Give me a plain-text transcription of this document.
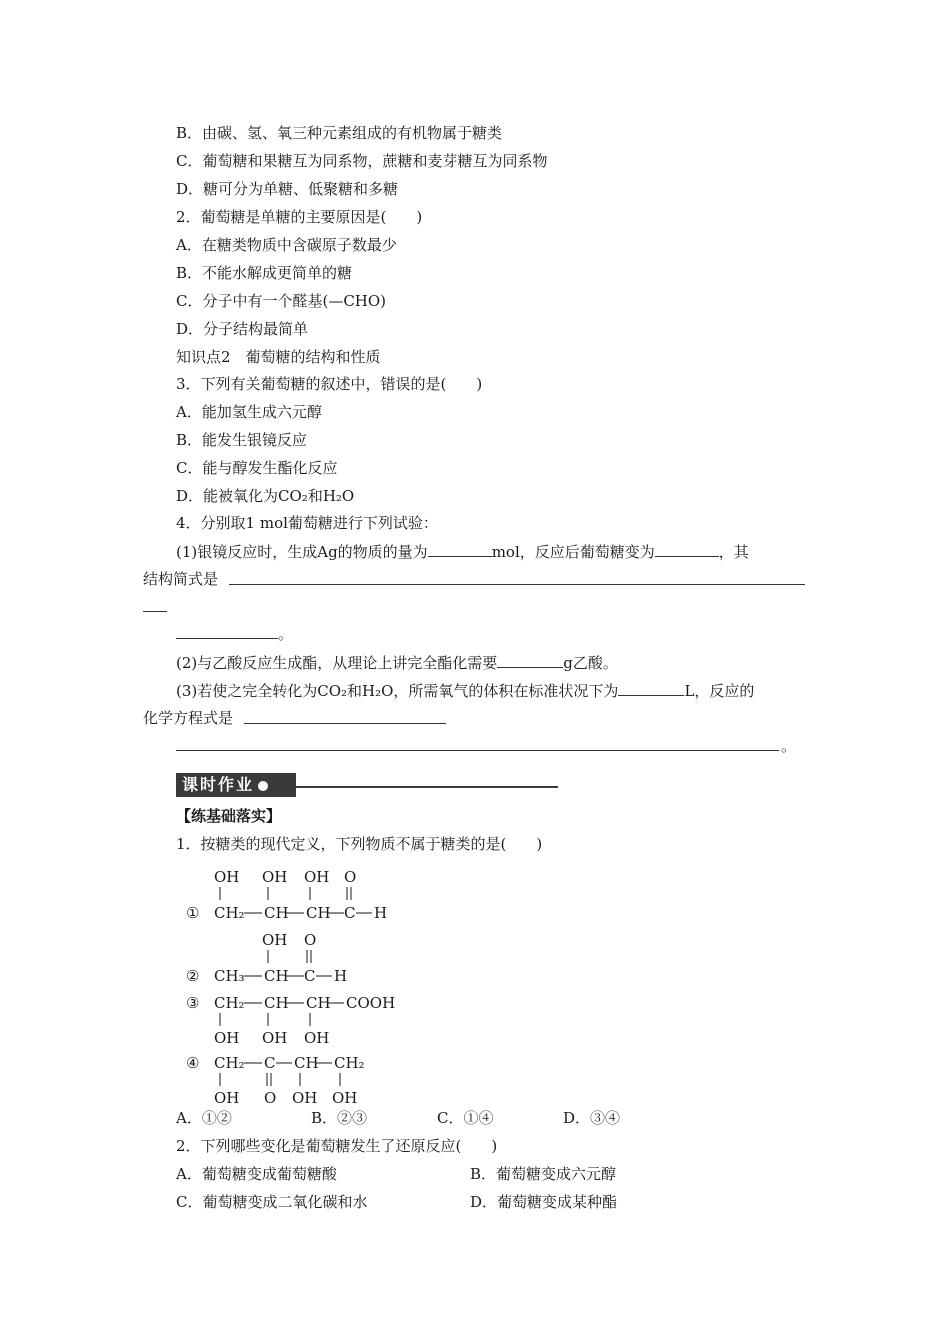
B．由碳、氢、氧三种元素组成的有机物属于糖类
C．葡萄糖和果糖互为同系物，蔗糖和麦芽糖互为同系物
D．糖可分为单糖、低聚糖和多糖
2．葡萄糖是单糖的主要原因是(　　)
A．在糖类物质中含碳原子数最少
B．不能水解成更简单的糖
C．分子中有一个醛基(—CHO)
D．分子结构最简单
知识点2　葡萄糖的结构和性质
3．下列有关葡萄糖的叙述中，错误的是(　　)
A．能加氢生成六元醇
B．能发生银镜反应
C．能与醇发生酯化反应
D．能被氧化为CO₂和H₂O
4．分别取1 mol葡萄糖进行下列试验：
(1)银镜反应时，生成Ag的物质的量为	mol，反应后葡萄糖变为	，其
结构简式是
。
(2)与乙酸反应生成酯，从理论上讲完全酯化需要	g乙酸。
(3)若使之完全转化为CO₂和H₂O，所需氧气的体积在标准状况下为	L，反应的
化学方程式是
。
课时作业
【练基础落实】
1．按糖类的现代定义，下列物质不属于糖类的是(　　)
OH OH OH O
① CH₂ CH CH C H
OH O
② CH₃ CH C H
③ CH₂ CH CH COOH
OH OH OH
④ CH₂ C CH CH₂
OH O OH OH
A．①②	B．②③	C．①④	D．③④
2．下列哪些变化是葡萄糖发生了还原反应(　　)
A．葡萄糖变成葡萄糖酸	B．葡萄糖变成六元醇
C．葡萄糖变成二氧化碳和水	D．葡萄糖变成某种酯
